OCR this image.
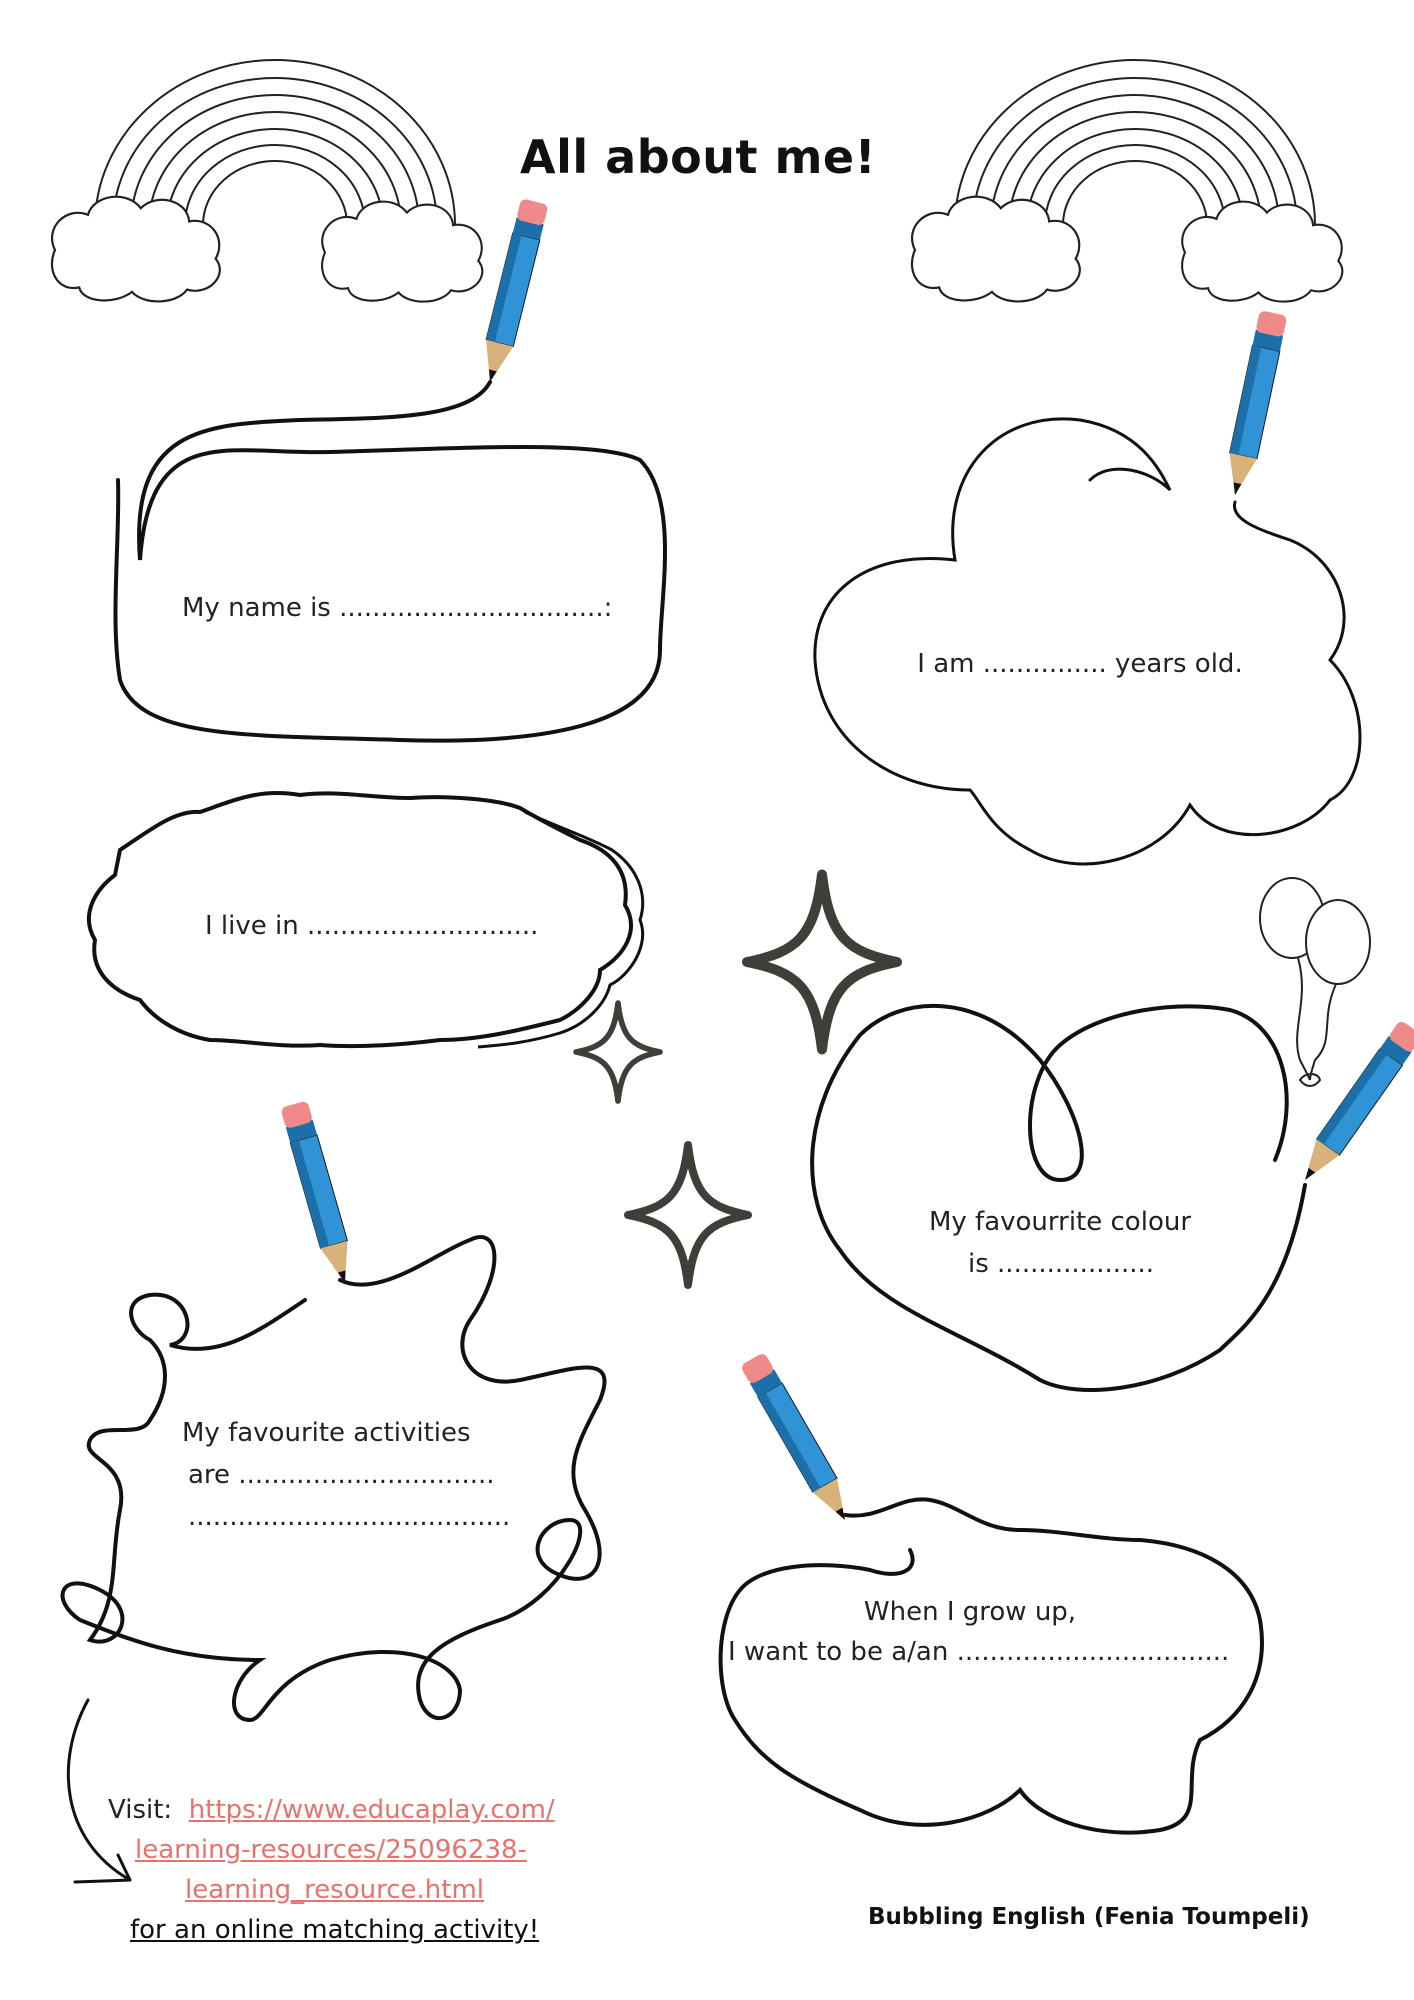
All about me!
My name is ................................:
I am ............... years old.
I live in ............................
My favourrite colour
is ...................
My favourite activities
are ...............................
.......................................
When I grow up,
I want to be a/an .................................
Visit: https://www.educaplay.com/
learning-resources/25096238-
learning_resource.html
for an online matching activity!	Bubbling English (Fenia Toumpeli)
